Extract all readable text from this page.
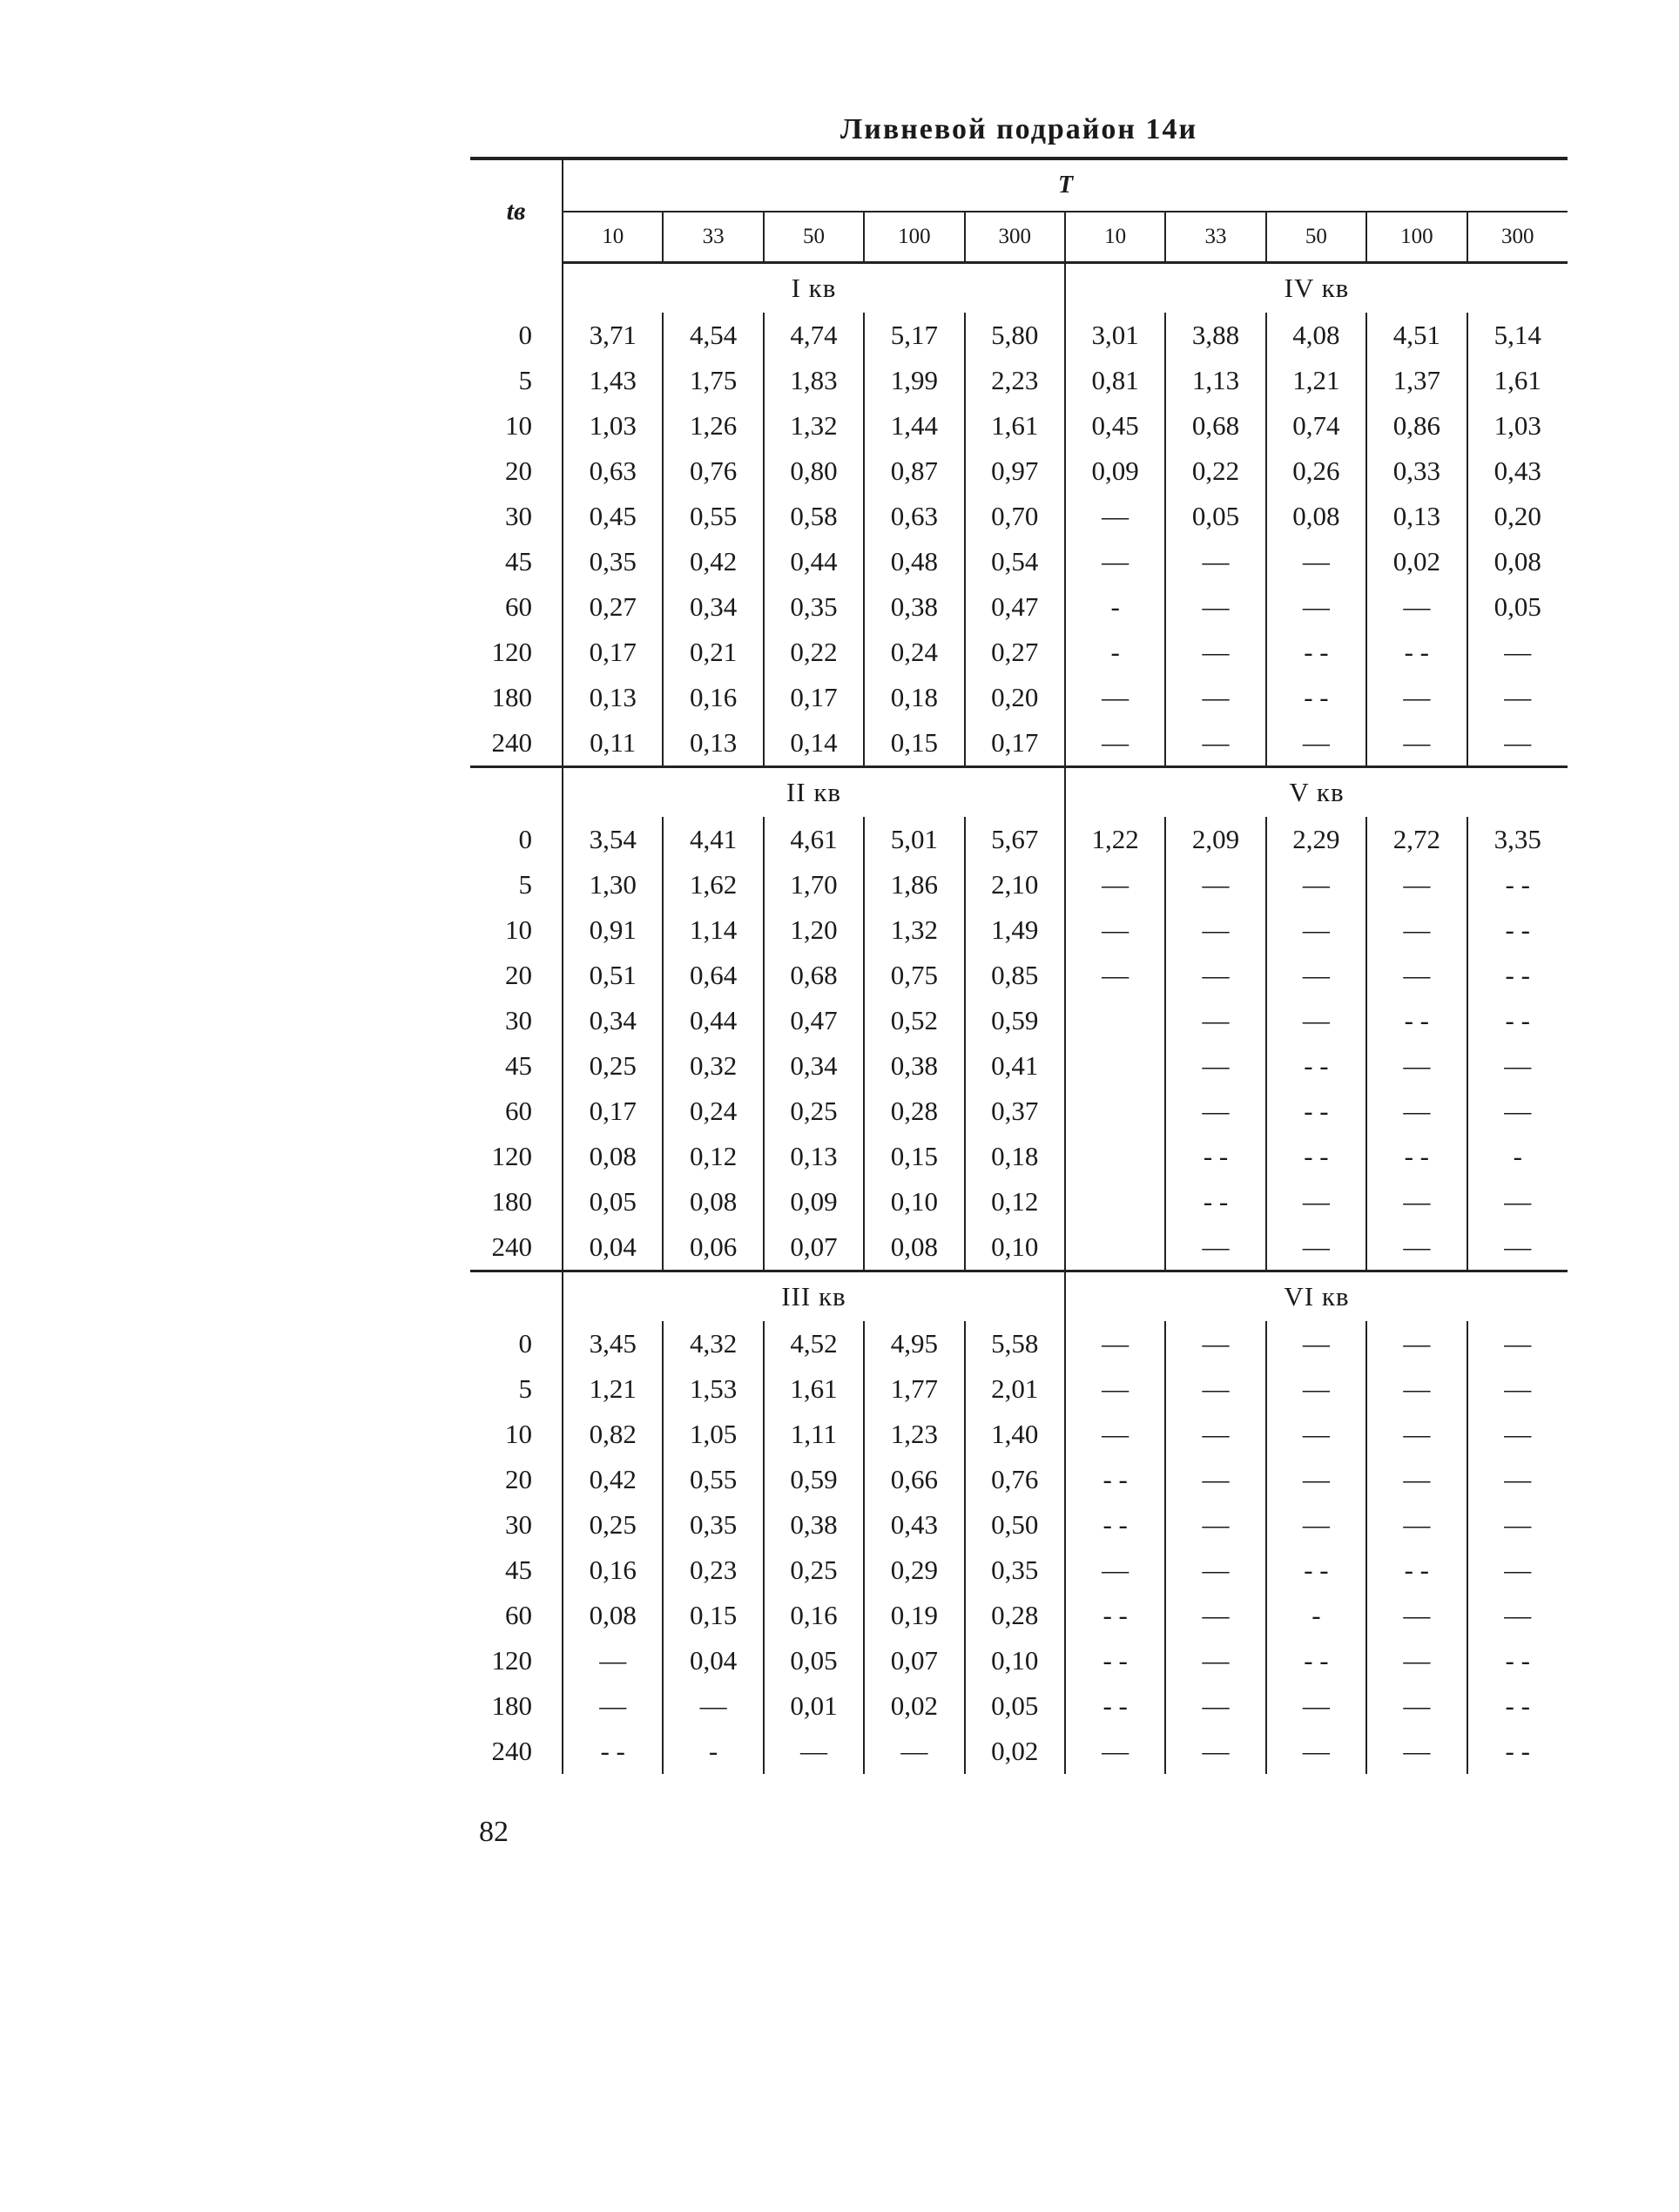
Ливневой подрайон 14и
tв	T									
	10	33	50	100	300	10	33	50	100	300
	I кв					IV кв				
0	3,71	4,54	4,74	5,17	5,80	3,01	3,88	4,08	4,51	5,14
5	1,43	1,75	1,83	1,99	2,23	0,81	1,13	1,21	1,37	1,61
10	1,03	1,26	1,32	1,44	1,61	0,45	0,68	0,74	0,86	1,03
20	0,63	0,76	0,80	0,87	0,97	0,09	0,22	0,26	0,33	0,43
30	0,45	0,55	0,58	0,63	0,70	—	0,05	0,08	0,13	0,20
45	0,35	0,42	0,44	0,48	0,54	—	—	—	0,02	0,08
60	0,27	0,34	0,35	0,38	0,47	-	—	—	—	0,05
120	0,17	0,21	0,22	0,24	0,27	-	—	- -	- -	—
180	0,13	0,16	0,17	0,18	0,20	—	—	- -	—	—
240	0,11	0,13	0,14	0,15	0,17	—	—	—	—	—

	II кв					V кв				
0	3,54	4,41	4,61	5,01	5,67	1,22	2,09	2,29	2,72	3,35
5	1,30	1,62	1,70	1,86	2,10	—	—	—	—	- -
10	0,91	1,14	1,20	1,32	1,49	—	—	—	—	- -
20	0,51	0,64	0,68	0,75	0,85	—	—	—	—	- -
30	0,34	0,44	0,47	0,52	0,59		—	—	- -	- -
45	0,25	0,32	0,34	0,38	0,41		—	- -	—	—
60	0,17	0,24	0,25	0,28	0,37		—	- -	—	—
120	0,08	0,12	0,13	0,15	0,18		- -	- -	- -	-
180	0,05	0,08	0,09	0,10	0,12		- -	—	—	—
240	0,04	0,06	0,07	0,08	0,10		—	—	—	—

	III кв					VI кв				
0	3,45	4,32	4,52	4,95	5,58	—	—	—	—	—
5	1,21	1,53	1,61	1,77	2,01	—	—	—	—	—
10	0,82	1,05	1,11	1,23	1,40	—	—	—	—	—
20	0,42	0,55	0,59	0,66	0,76	- -	—	—	—	—
30	0,25	0,35	0,38	0,43	0,50	- -	—	—	—	—
45	0,16	0,23	0,25	0,29	0,35	—	—	- -	- -	—
60	0,08	0,15	0,16	0,19	0,28	- -	—	-	—	—
120	—	0,04	0,05	0,07	0,10	- -	—	- -	—	- -
180	—	—	0,01	0,02	0,05	- -	—	—	—	- -
240	- -	-	—	—	0,02	—	—	—	—	- -
82
